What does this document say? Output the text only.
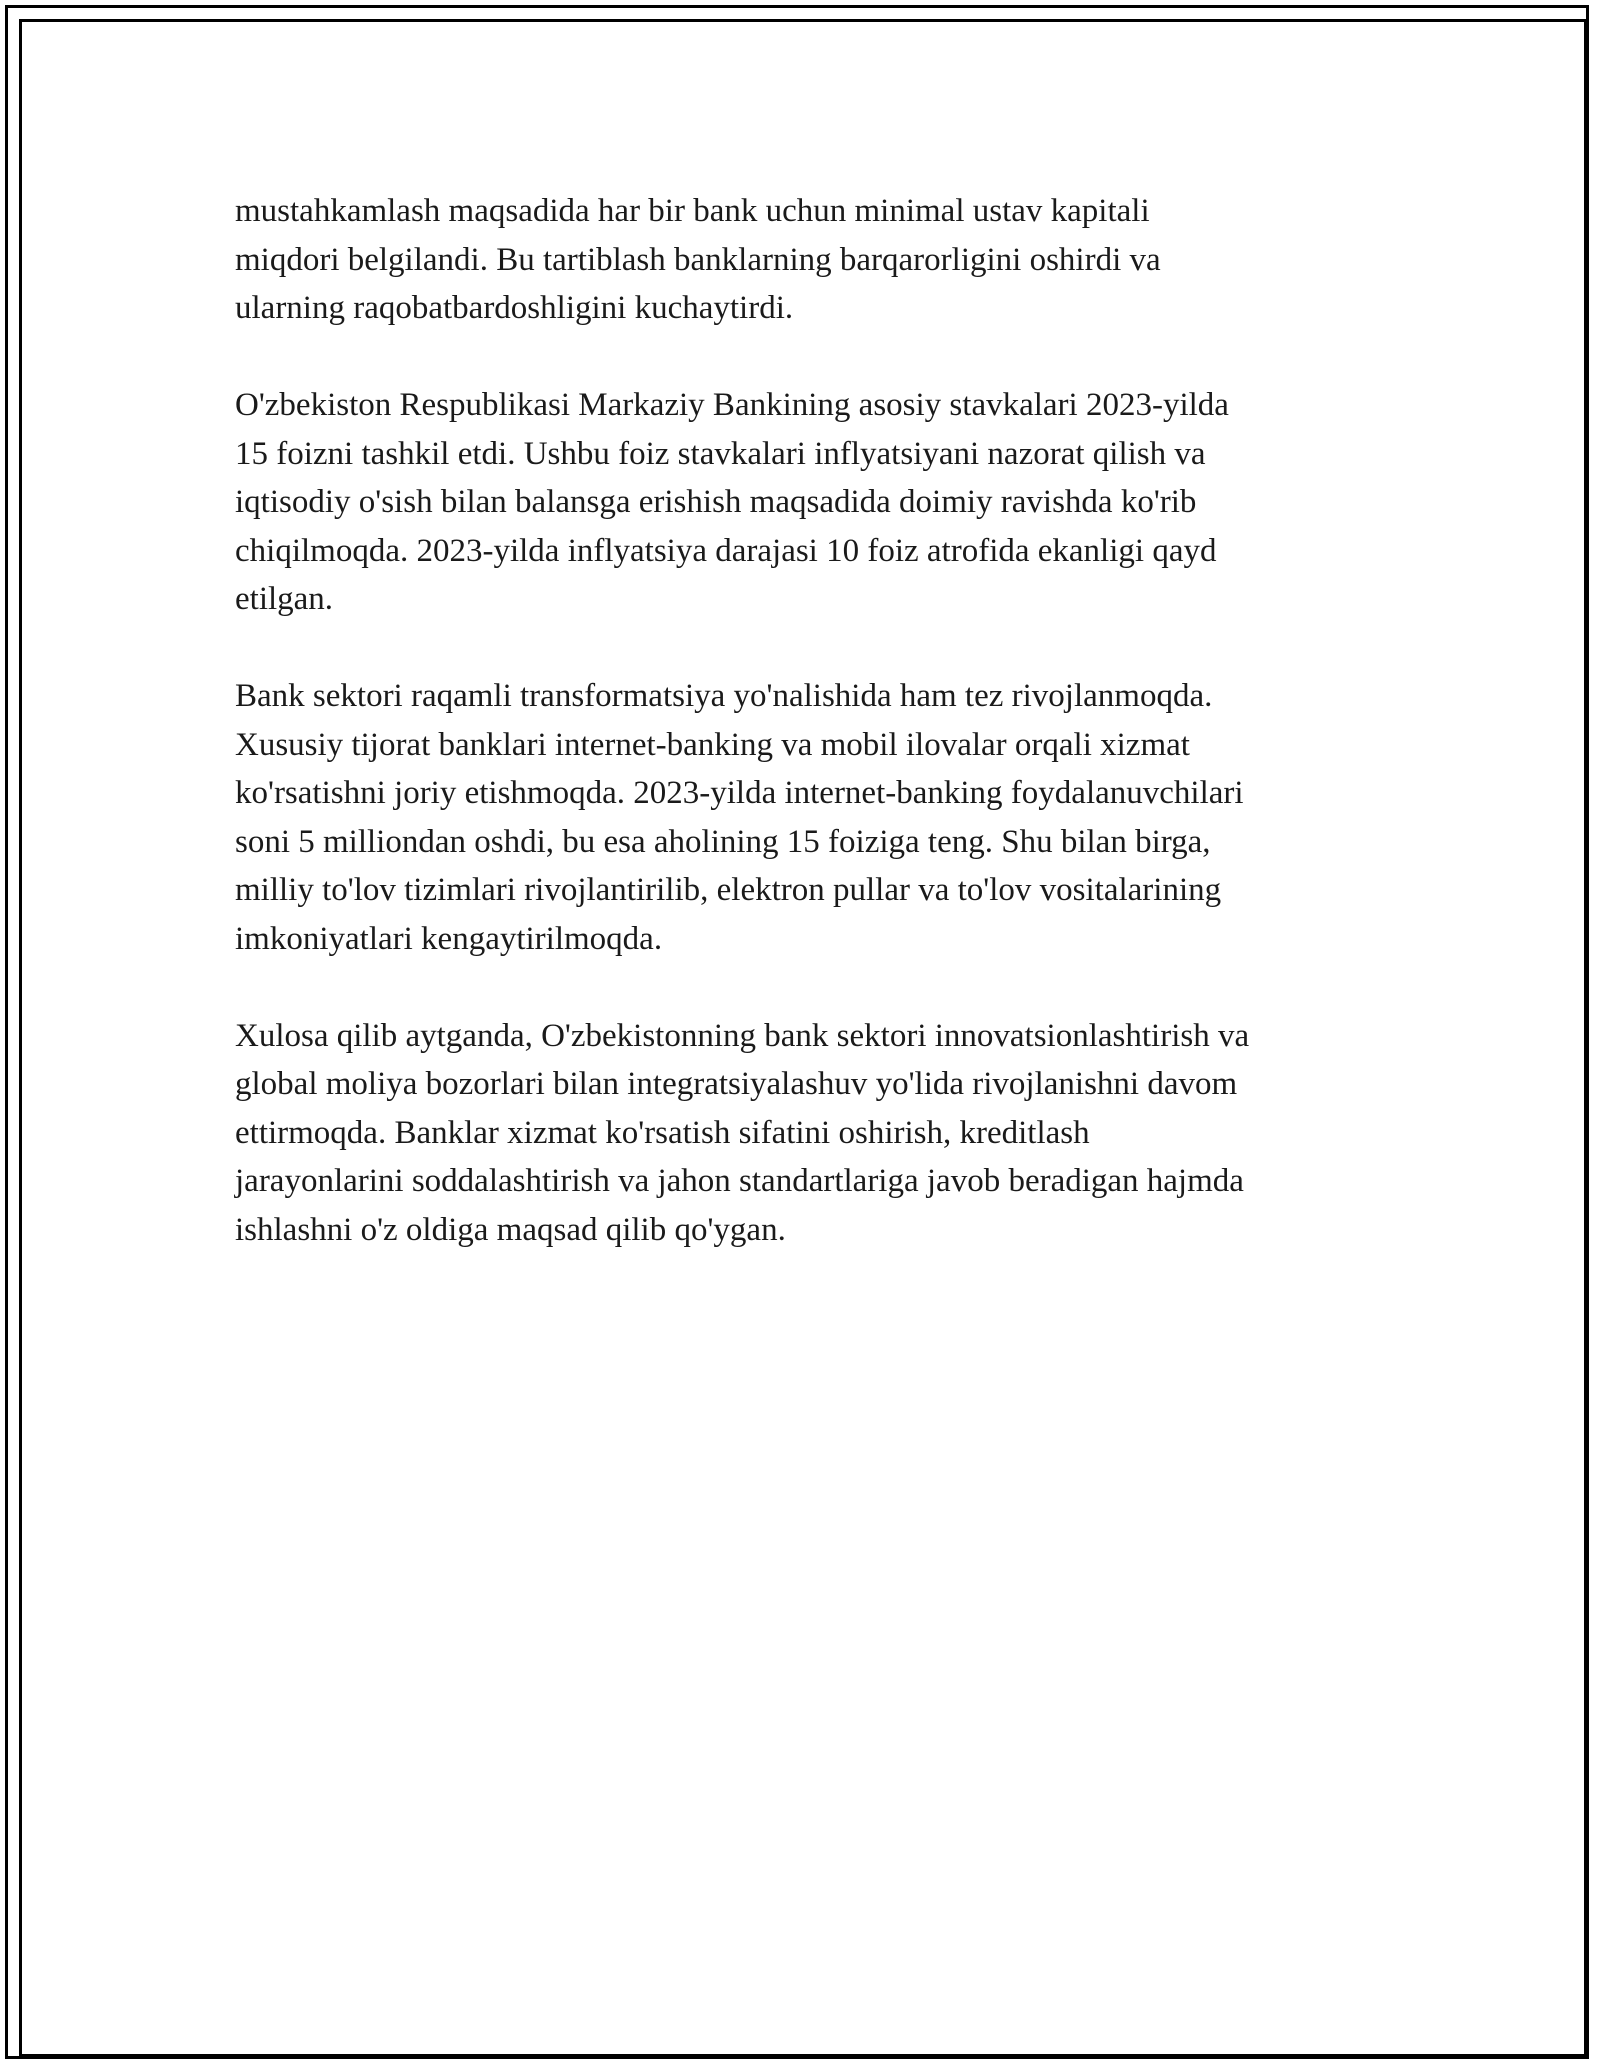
mustahkamlash maqsadida har bir bank uchun minimal ustav kapitali
miqdori belgilandi. Bu tartiblash banklarning barqarorligini oshirdi va
ularning raqobatbardoshligini kuchaytirdi.

O'zbekiston Respublikasi Markaziy Bankining asosiy stavkalari 2023-yilda
15 foizni tashkil etdi. Ushbu foiz stavkalari inflyatsiyani nazorat qilish va
iqtisodiy o'sish bilan balansga erishish maqsadida doimiy ravishda ko'rib
chiqilmoqda. 2023-yilda inflyatsiya darajasi 10 foiz atrofida ekanligi qayd
etilgan.

Bank sektori raqamli transformatsiya yo'nalishida ham tez rivojlanmoqda.
Xususiy tijorat banklari internet-banking va mobil ilovalar orqali xizmat
ko'rsatishni joriy etishmoqda. 2023-yilda internet-banking foydalanuvchilari
soni 5 milliondan oshdi, bu esa aholining 15 foiziga teng. Shu bilan birga,
milliy to'lov tizimlari rivojlantirilib, elektron pullar va to'lov vositalarining
imkoniyatlari kengaytirilmoqda.

Xulosa qilib aytganda, O'zbekistonning bank sektori innovatsionlashtirish va
global moliya bozorlari bilan integratsiyalashuv yo'lida rivojlanishni davom
ettirmoqda. Banklar xizmat ko'rsatish sifatini oshirish, kreditlash
jarayonlarini soddalashtirish va jahon standartlariga javob beradigan hajmda
ishlashni o'z oldiga maqsad qilib qo'ygan.
